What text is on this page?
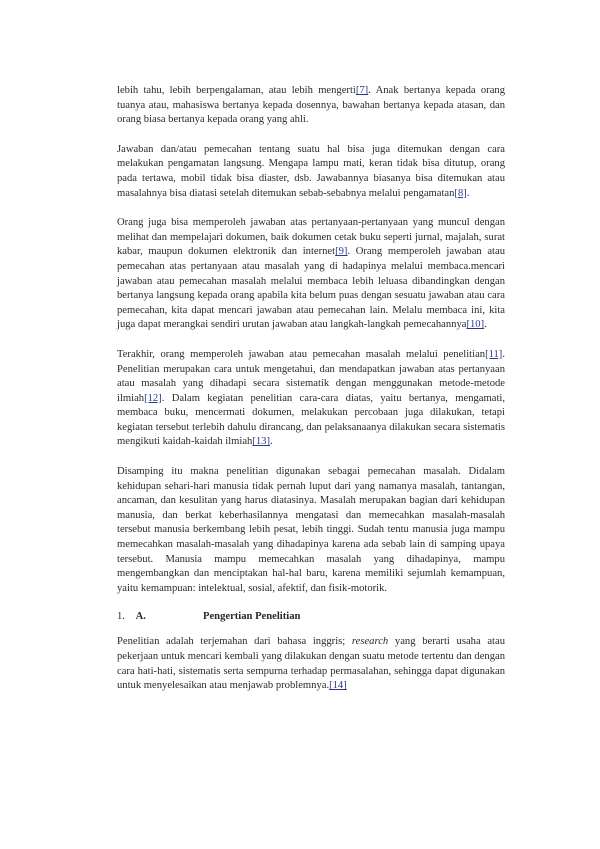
lebih tahu, lebih berpengalaman, atau lebih mengerti[7]. Anak bertanya kepada orang tuanya atau, mahasiswa bertanya kepada dosennya, bawahan bertanya kepada atasan, dan orang biasa bertanya kepada orang yang ahli.

Jawaban dan/atau pemecahan tentang suatu hal bisa juga ditemukan dengan cara melakukan pengamatan langsung. Mengapa lampu mati, keran tidak bisa ditutup, orang pada tertawa, mobil tidak bisa diaster, dsb. Jawabannya biasanya bisa ditemukan atau masalahnya bisa diatasi setelah ditemukan sebab-sebabnya melalui pengamatan[8].

Orang juga bisa memperoleh jawaban atas pertanyaan-pertanyaan yang muncul dengan melihat dan mempelajari dokumen, baik dokumen cetak buku seperti jurnal, majalah, surat kabar, maupun dokumen elektronik dan internet[9]. Orang memperoleh jawaban atau pemecahan atas pertanyaan atau masalah yang di hadapinya melalui membaca.mencari jawaban atau pemecahan masalah melalui membaca lebih leluasa dibandingkan dengan bertanya langsung kepada orang apabila kita belum puas dengan sesuatu jawaban atau cara pemecahan, kita dapat mencari jawaban atau pemecahan lain. Melalu membaca ini, kita juga dapat merangkai sendiri urutan jawaban atau langkah-langkah pemecahannya[10].

Terakhir, orang memperoleh jawaban atau pemecahan masalah melalui penelitian[11]. Penelitian merupakan cara untuk mengetahui, dan mendapatkan jawaban atas pertanyaan atau masalah yang dihadapi secara sistematik dengan menggunakan metode-metode ilmiah[12]. Dalam kegiatan penelitian cara-cara diatas, yaitu bertanya, mengamati, membaca buku, mencermati dokumen, melakukan percobaan juga dilakukan, tetapi kegiatan tersebut terlebih dahulu dirancang, dan pelaksanaanya dilakukan secara sistematis mengikuti kaidah-kaidah ilmiah[13].

Disamping itu makna penelitian digunakan sebagai pemecahan masalah. Didalam kehidupan sehari-hari manusia tidak pernah luput dari yang namanya masalah, tantangan, ancaman, dan kesulitan yang harus diatasinya. Masalah merupakan bagian dari kehidupan manusia, dan berkat keberhasilannya mengatasi dan memecahkan masalah-masalah tersebut manusia berkembang lebih pesat, lebih tinggi. Sudah tentu manusia juga mampu memecahkan masalah-masalah yang dihadapinya karena ada sebab lain di samping upaya tersebut. Manusia mampu memecahkan masalah yang dihadapinya, mampu mengembangkan dan menciptakan hal-hal baru, karena memiliki sejumlah kemampuan, yaitu kemampuan: intelektual, sosial, afektif, dan fisik-motorik.

1. A.	Pengertian Penelitian

Penelitian adalah terjemahan dari bahasa inggris; research yang berarti usaha atau pekerjaan untuk mencari kembali yang dilakukan dengan suatu metode tertentu dan dengan cara hati-hati, sistematis serta sempurna terhadap permasalahan, sehingga dapat digunakan untuk menyelesaikan atau menjawab problemnya.[14]
